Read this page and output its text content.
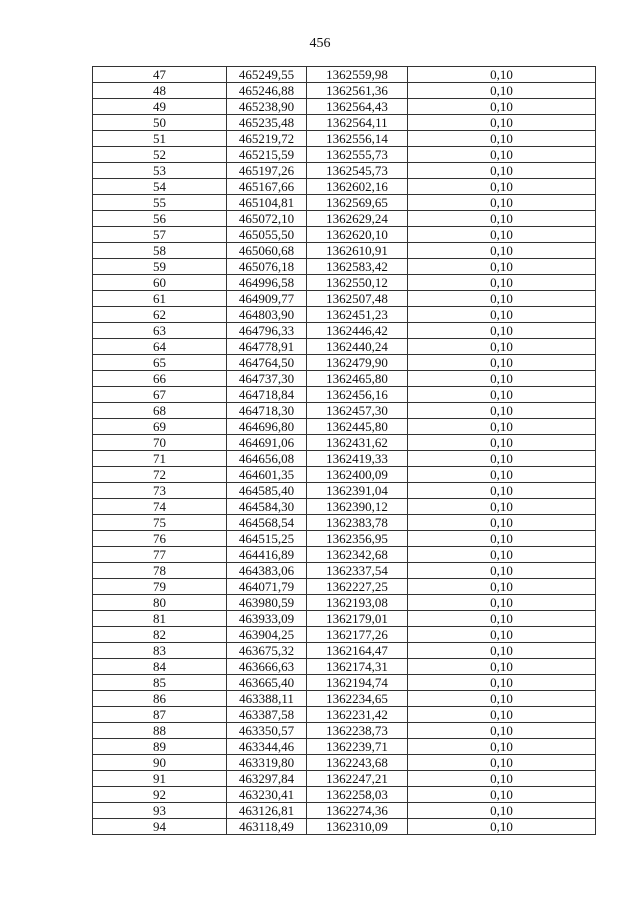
456
47	465249,55	1362559,98	0,10
48	465246,88	1362561,36	0,10
49	465238,90	1362564,43	0,10
50	465235,48	1362564,11	0,10
51	465219,72	1362556,14	0,10
52	465215,59	1362555,73	0,10
53	465197,26	1362545,73	0,10
54	465167,66	1362602,16	0,10
55	465104,81	1362569,65	0,10
56	465072,10	1362629,24	0,10
57	465055,50	1362620,10	0,10
58	465060,68	1362610,91	0,10
59	465076,18	1362583,42	0,10
60	464996,58	1362550,12	0,10
61	464909,77	1362507,48	0,10
62	464803,90	1362451,23	0,10
63	464796,33	1362446,42	0,10
64	464778,91	1362440,24	0,10
65	464764,50	1362479,90	0,10
66	464737,30	1362465,80	0,10
67	464718,84	1362456,16	0,10
68	464718,30	1362457,30	0,10
69	464696,80	1362445,80	0,10
70	464691,06	1362431,62	0,10
71	464656,08	1362419,33	0,10
72	464601,35	1362400,09	0,10
73	464585,40	1362391,04	0,10
74	464584,30	1362390,12	0,10
75	464568,54	1362383,78	0,10
76	464515,25	1362356,95	0,10
77	464416,89	1362342,68	0,10
78	464383,06	1362337,54	0,10
79	464071,79	1362227,25	0,10
80	463980,59	1362193,08	0,10
81	463933,09	1362179,01	0,10
82	463904,25	1362177,26	0,10
83	463675,32	1362164,47	0,10
84	463666,63	1362174,31	0,10
85	463665,40	1362194,74	0,10
86	463388,11	1362234,65	0,10
87	463387,58	1362231,42	0,10
88	463350,57	1362238,73	0,10
89	463344,46	1362239,71	0,10
90	463319,80	1362243,68	0,10
91	463297,84	1362247,21	0,10
92	463230,41	1362258,03	0,10
93	463126,81	1362274,36	0,10
94	463118,49	1362310,09	0,10
